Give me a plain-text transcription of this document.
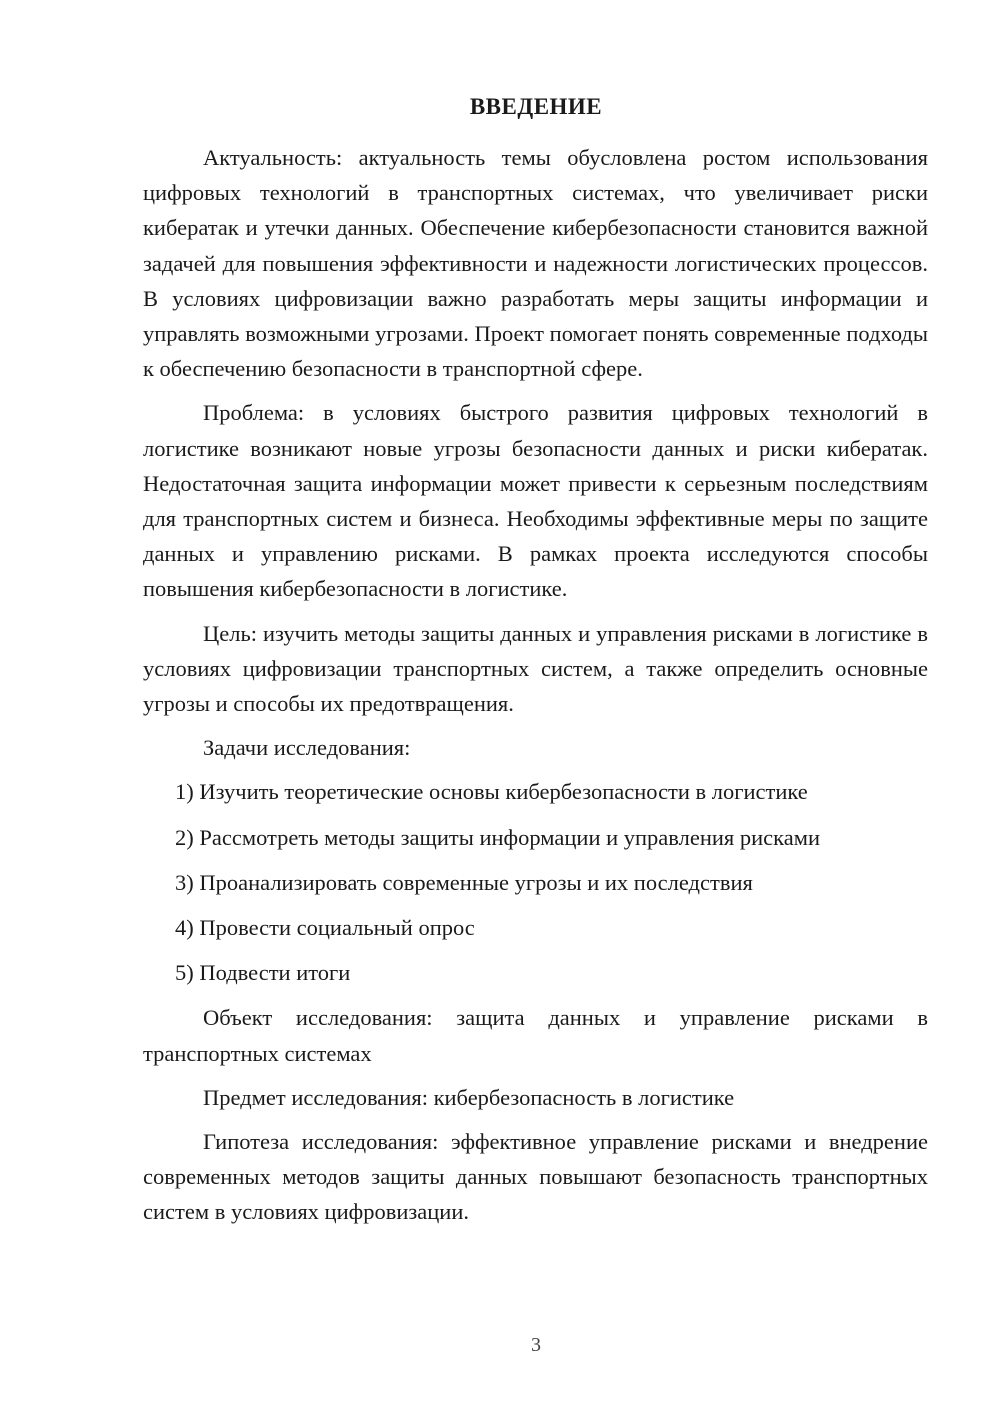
ВВЕДЕНИЕ

Актуальность: актуальность темы обусловлена ростом использования цифровых технологий в транспортных системах, что увеличивает риски кибератак и утечки данных. Обеспечение кибербезопасности становится важной задачей для повышения эффективности и надежности логистических процессов. В условиях цифровизации важно разработать меры защиты информации и управлять возможными угрозами. Проект помогает понять современные подходы к обеспечению безопасности в транспортной сфере.

Проблема: в условиях быстрого развития цифровых технологий в логистике возникают новые угрозы безопасности данных и риски кибератак. Недостаточная защита информации может привести к серьезным последствиям для транспортных систем и бизнеса. Необходимы эффективные меры по защите данных и управлению рисками. В рамках проекта исследуются способы повышения кибербезопасности в логистике.

Цель: изучить методы защиты данных и управления рисками в логистике в условиях цифровизации транспортных систем, а также определить основные угрозы и способы их предотвращения.

Задачи исследования:

1) Изучить теоретические основы кибербезопасности в логистике
2) Рассмотреть методы защиты информации и управления рисками
3) Проанализировать современные угрозы и их последствия
4) Провести социальный опрос
5) Подвести итоги

Объект исследования: защита данных и управление рисками в транспортных системах

Предмет исследования: кибербезопасность в логистике

Гипотеза исследования: эффективное управление рисками и внедрение современных методов защиты данных повышают безопасность транспортных систем в условиях цифровизации.

3
